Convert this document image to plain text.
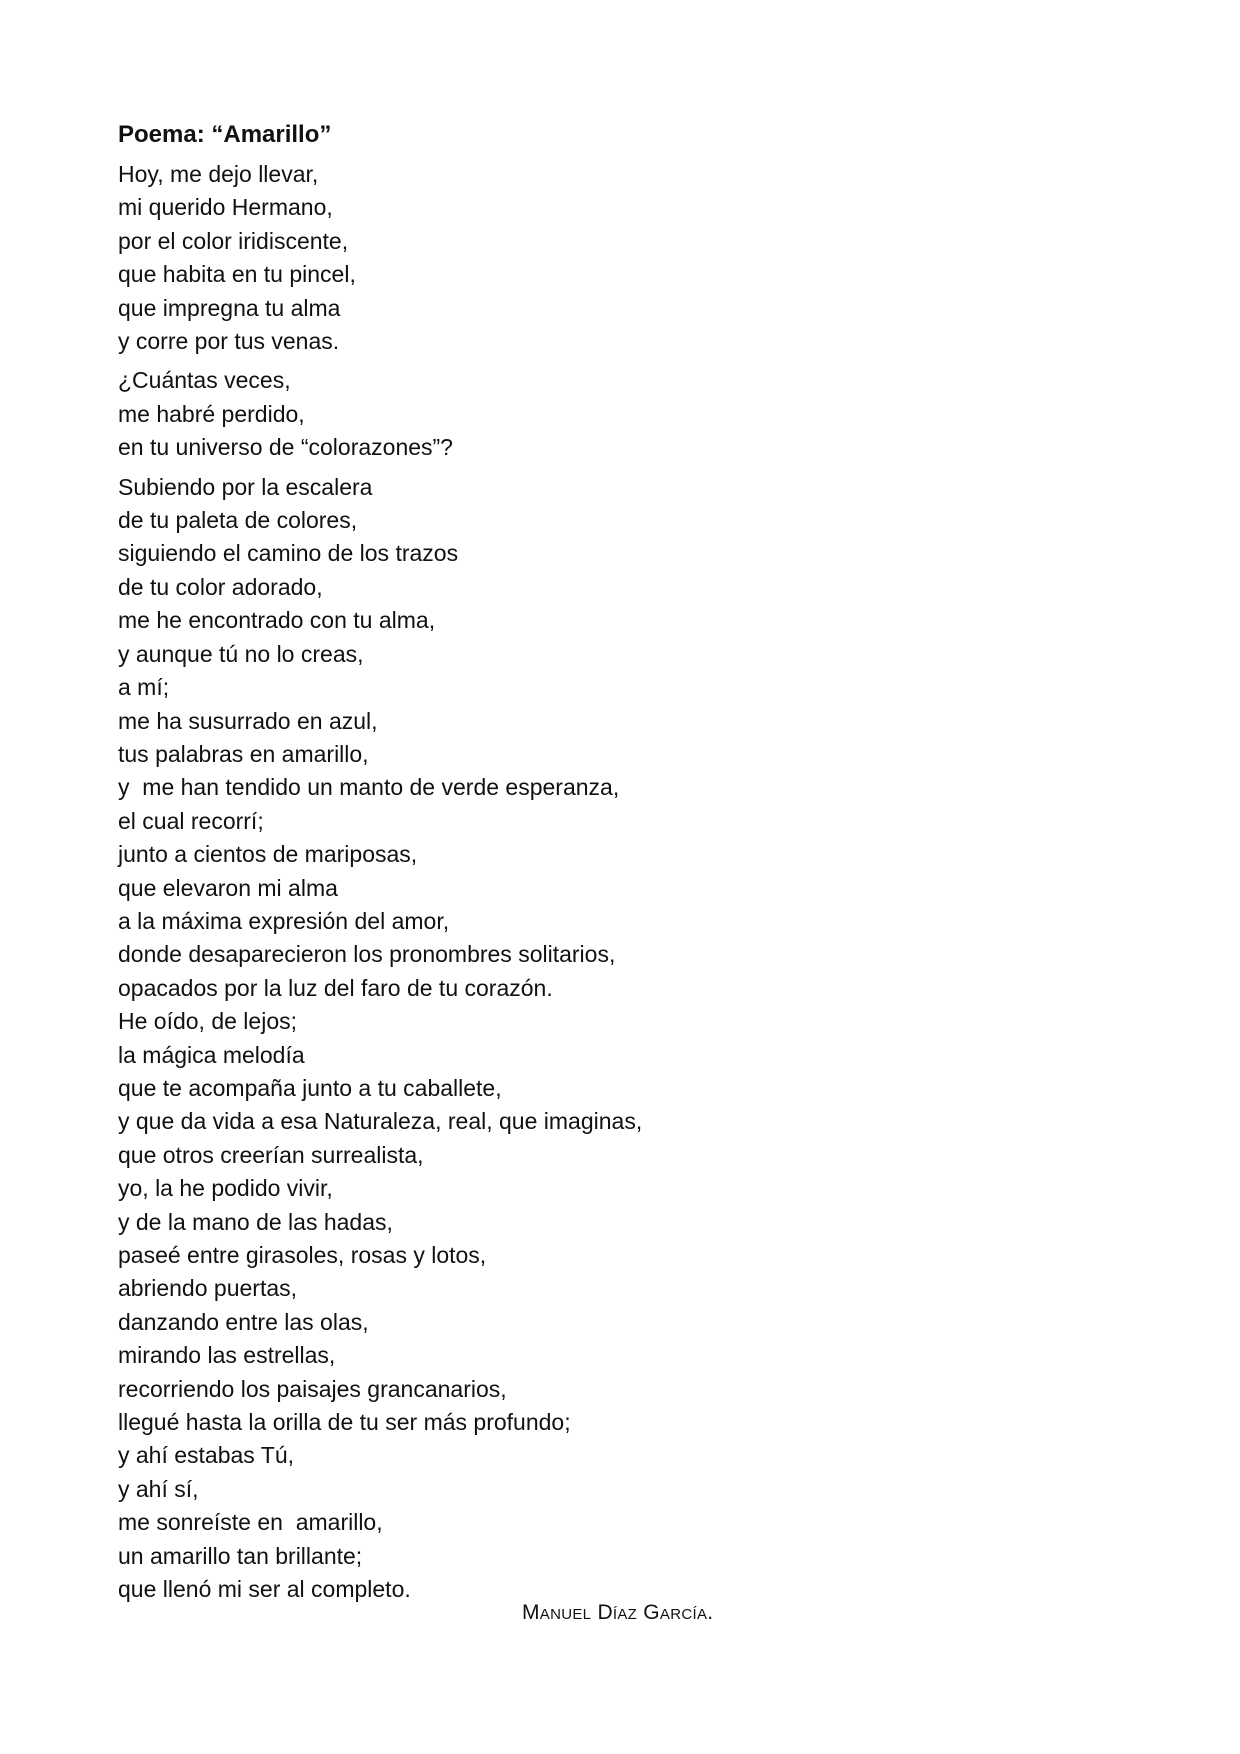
Poema: “Amarillo”
Hoy, me dejo llevar,
mi querido Hermano,
por el color iridiscente,
que habita en tu pincel,
que impregna tu alma
y corre por tus venas.
¿Cuántas veces,
me habré perdido,
en tu universo de “colorazones”?
Subiendo por la escalera
de tu paleta de colores,
siguiendo el camino de los trazos
de tu color adorado,
me he encontrado con tu alma,
y aunque tú no lo creas,
a mí;
me ha susurrado en azul,
tus palabras en amarillo,
y  me han tendido un manto de verde esperanza,
el cual recorrí;
junto a cientos de mariposas,
que elevaron mi alma
a la máxima expresión del amor,
donde desaparecieron los pronombres solitarios,
opacados por la luz del faro de tu corazón.
He oído, de lejos;
la mágica melodía
que te acompaña junto a tu caballete,
y que da vida a esa Naturaleza, real, que imaginas,
que otros creerían surrealista,
yo, la he podido vivir,
y de la mano de las hadas,
paseé entre girasoles, rosas y lotos,
abriendo puertas,
danzando entre las olas,
mirando las estrellas,
recorriendo los paisajes grancanarios,
llegué hasta la orilla de tu ser más profundo;
y ahí estabas Tú,
y ahí sí,
me sonreíste en  amarillo,
un amarillo tan brillante;
que llenó mi ser al completo.
Manuel Díaz García.
